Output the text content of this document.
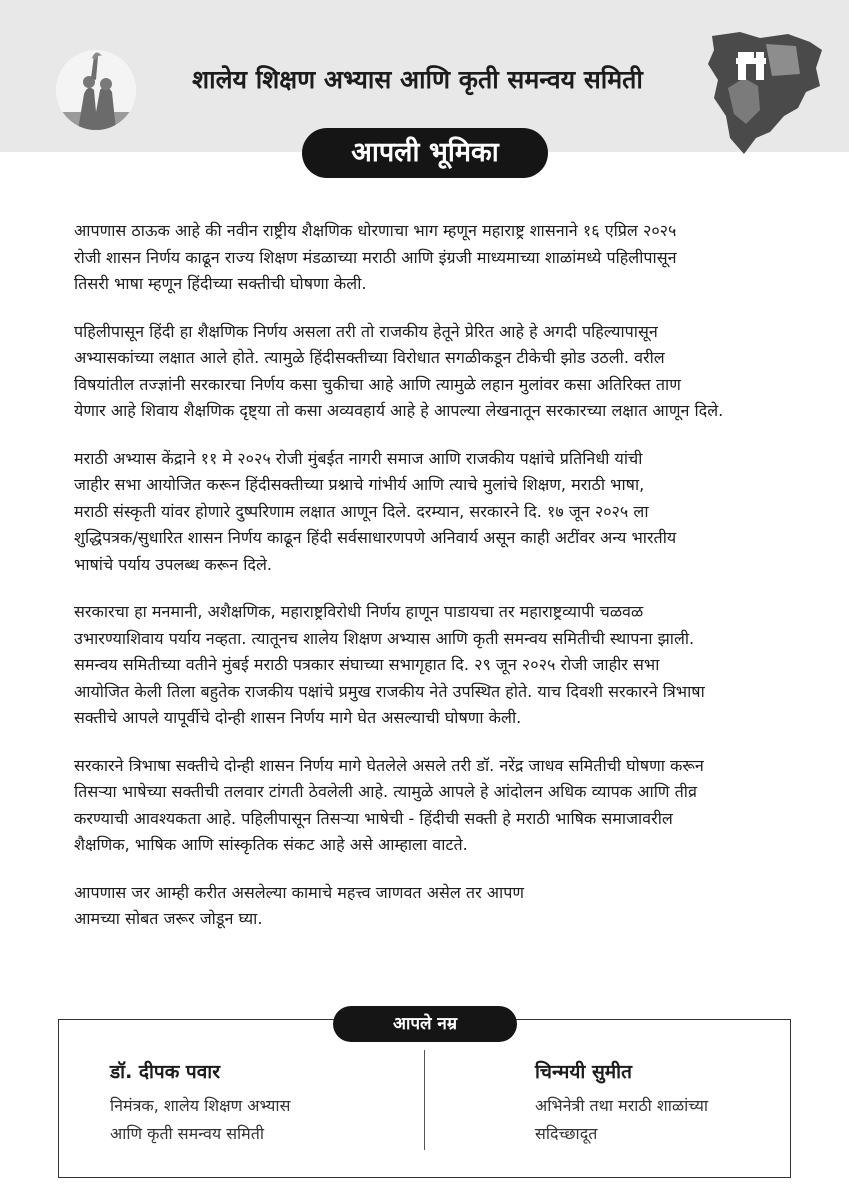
शालेय शिक्षण अभ्यास आणि कृती समन्वय समिती
आपली भूमिका

आपणास ठाऊक आहे की नवीन राष्ट्रीय शैक्षणिक धोरणाचा भाग म्हणून महाराष्ट्र शासनाने १६ एप्रिल २०२५
रोजी शासन निर्णय काढून राज्य शिक्षण मंडळाच्या मराठी आणि इंग्रजी माध्यमाच्या शाळांमध्ये पहिलीपासून
तिसरी भाषा म्हणून हिंदीच्या सक्तीची घोषणा केली.

पहिलीपासून हिंदी हा शैक्षणिक निर्णय असला तरी तो राजकीय हेतूने प्रेरित आहे हे अगदी पहिल्यापासून
अभ्यासकांच्या लक्षात आले होते. त्यामुळे हिंदीसक्तीच्या विरोधात सगळीकडून टीकेची झोड उठली. वरील
विषयांतील तज्ज्ञांनी सरकारचा निर्णय कसा चुकीचा आहे आणि त्यामुळे लहान मुलांवर कसा अतिरिक्त ताण
येणार आहे शिवाय शैक्षणिक दृष्ट्या तो कसा अव्यवहार्य आहे हे आपल्या लेखनातून सरकारच्या लक्षात आणून दिले.

मराठी अभ्यास केंद्राने ११ मे २०२५ रोजी मुंबईत नागरी समाज आणि राजकीय पक्षांचे प्रतिनिधी यांची
जाहीर सभा आयोजित करून हिंदीसक्तीच्या प्रश्नाचे गांभीर्य आणि त्याचे मुलांचे शिक्षण, मराठी भाषा,
मराठी संस्कृती यांवर होणारे दुष्परिणाम लक्षात आणून दिले. दरम्यान, सरकारने दि. १७ जून २०२५ ला
शुद्धिपत्रक/सुधारित शासन निर्णय काढून हिंदी सर्वसाधारणपणे अनिवार्य असून काही अटींवर अन्य भारतीय
भाषांचे पर्याय उपलब्ध करून दिले.

सरकारचा हा मनमानी, अशैक्षणिक, महाराष्ट्रविरोधी निर्णय हाणून पाडायचा तर महाराष्ट्रव्यापी चळवळ
उभारण्याशिवाय पर्याय नव्हता. त्यातूनच शालेय शिक्षण अभ्यास आणि कृती समन्वय समितीची स्थापना झाली.
समन्वय समितीच्या वतीने मुंबई मराठी पत्रकार संघाच्या सभागृहात दि. २९ जून २०२५ रोजी जाहीर सभा
आयोजित केली तिला बहुतेक राजकीय पक्षांचे प्रमुख राजकीय नेते उपस्थित होते. याच दिवशी सरकारने त्रिभाषा
सक्तीचे आपले यापूर्वीचे दोन्ही शासन निर्णय मागे घेत असल्याची घोषणा केली.

सरकारने त्रिभाषा सक्तीचे दोन्ही शासन निर्णय मागे घेतलेले असले तरी डॉ. नरेंद्र जाधव समितीची घोषणा करून
तिसऱ्या भाषेच्या सक्तीची तलवार टांगती ठेवलेली आहे. त्यामुळे आपले हे आंदोलन अधिक व्यापक आणि तीव्र
करण्याची आवश्यकता आहे. पहिलीपासून तिसऱ्या भाषेची - हिंदीची सक्ती हे मराठी भाषिक समाजावरील
शैक्षणिक, भाषिक आणि सांस्कृतिक संकट आहे असे आम्हाला वाटते.

आपणास जर आम्ही करीत असलेल्या कामाचे महत्त्व जाणवत असेल तर आपण
आमच्या सोबत जरूर जोडून घ्या.

आपले नम्र
डॉ. दीपक पवार
निमंत्रक, शालेय शिक्षण अभ्यास
आणि कृती समन्वय समिती
चिन्मयी सुमीत
अभिनेत्री तथा मराठी शाळांच्या
सदिच्छादूत
